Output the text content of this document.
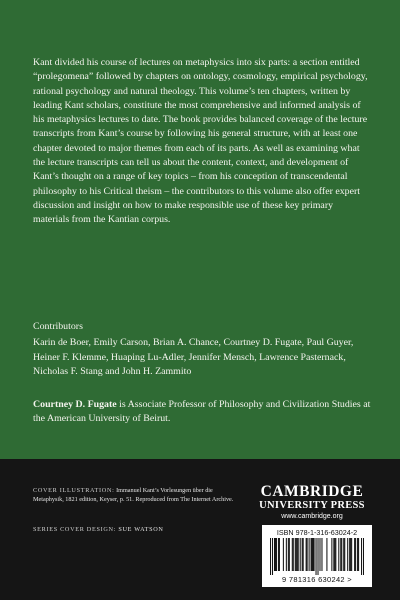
Kant divided his course of lectures on metaphysics into six parts: a section entitled “prolegomena” followed by chapters on ontology, cosmology, empirical psychology, rational psychology and natural theology. This volume’s ten chapters, written by leading Kant scholars, constitute the most comprehensive and informed analysis of his metaphysics lectures to date. The book provides balanced coverage of the lecture transcripts from Kant’s course by following his general structure, with at least one chapter devoted to major themes from each of its parts. As well as examining what the lecture transcripts can tell us about the content, context, and development of Kant’s thought on a range of key topics – from his conception of transcendental philosophy to his Critical theism – the contributors to this volume also offer expert discussion and insight on how to make responsible use of these key primary materials from the Kantian corpus.

Contributors

Karin de Boer, Emily Carson, Brian A. Chance, Courtney D. Fugate, Paul Guyer, Heiner F. Klemme, Huaping Lu-Adler, Jennifer Mensch, Lawrence Pasternack, Nicholas F. Stang and John H. Zammito

Courtney D. Fugate is Associate Professor of Philosophy and Civilization Studies at the American University of Beirut.

COVER ILLUSTRATION: Immanuel Kant’s Vorlesungen über die Metaphysik, 1821 edition, Keyser, p. 51. Reproduced from The Internet Archive.

SERIES COVER DESIGN: SUE WATSON

CAMBRIDGE
UNIVERSITY PRESS
www.cambridge.org
ISBN 978-1-316-63024-2
9 781316 630242 >
